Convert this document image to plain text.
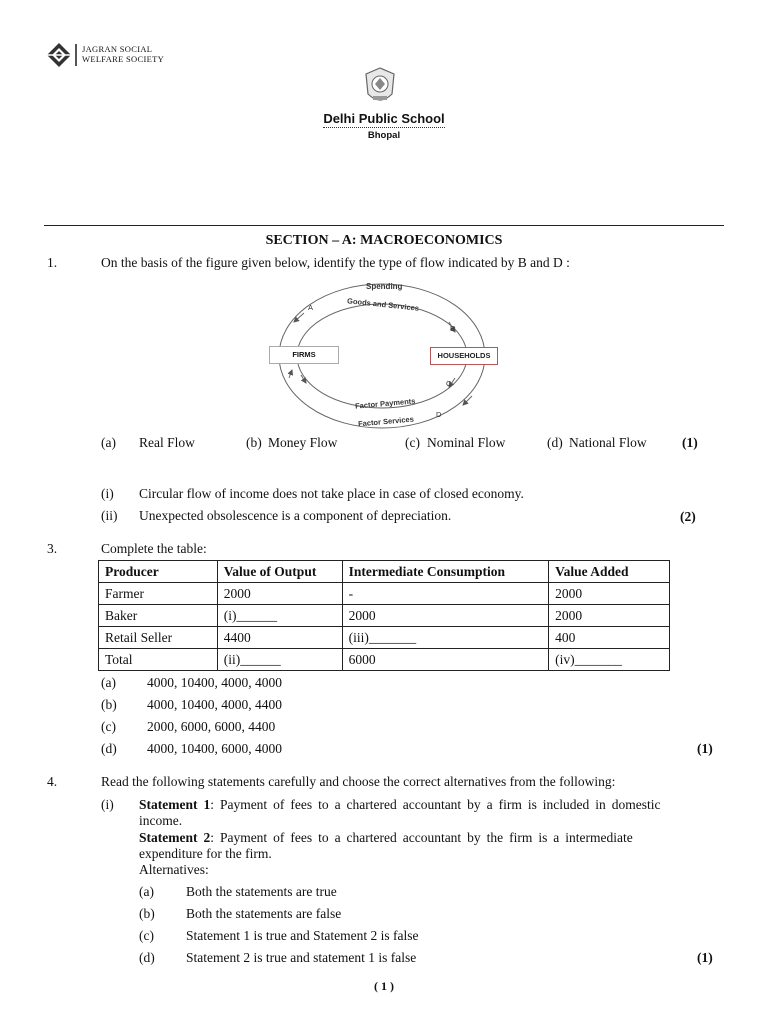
JAGRAN SOCIAL
WELFARE SOCIETY
Delhi Public School
Bhopal
SECTION – A: MACROECONOMICS
1.	On the basis of the figure given below, identify the type of flow indicated by B and D :
Spending
Goods and Services
A
B
C
D
FIRMS	HOUSEHOLDS
Factor Payments
Factor Services
(a) Real Flow	(b) Money Flow	(c) Nominal Flow	(d) National Flow	(1)
(i) Circular flow of income does not take place in case of closed economy.
(ii) Unexpected obsolescence is a component of depreciation.	(2)
3.	Complete the table:
Producer	Value of Output	Intermediate Consumption	Value Added
Farmer	2000	-	2000
Baker	(i)______	2000	2000
Retail Seller	4400	(iii)_______	400
Total	(ii)______	6000	(iv)_______
(a) 4000, 10400, 4000, 4000
(b) 4000, 10400, 4000, 4400
(c) 2000, 6000, 6000, 4400
(d) 4000, 10400, 6000, 4000	(1)
4.	Read the following statements carefully and choose the correct alternatives from the following:
(i) Statement 1: Payment of fees to a chartered accountant by a firm is included in domestic
income.
Statement 2: Payment of fees to a chartered accountant by the firm is a intermediate
expenditure for the firm.
Alternatives:
(a) Both the statements are true
(b) Both the statements are false
(c) Statement 1 is true and Statement 2 is false
(d) Statement 2 is true and statement 1 is false	(1)
( 1 )
